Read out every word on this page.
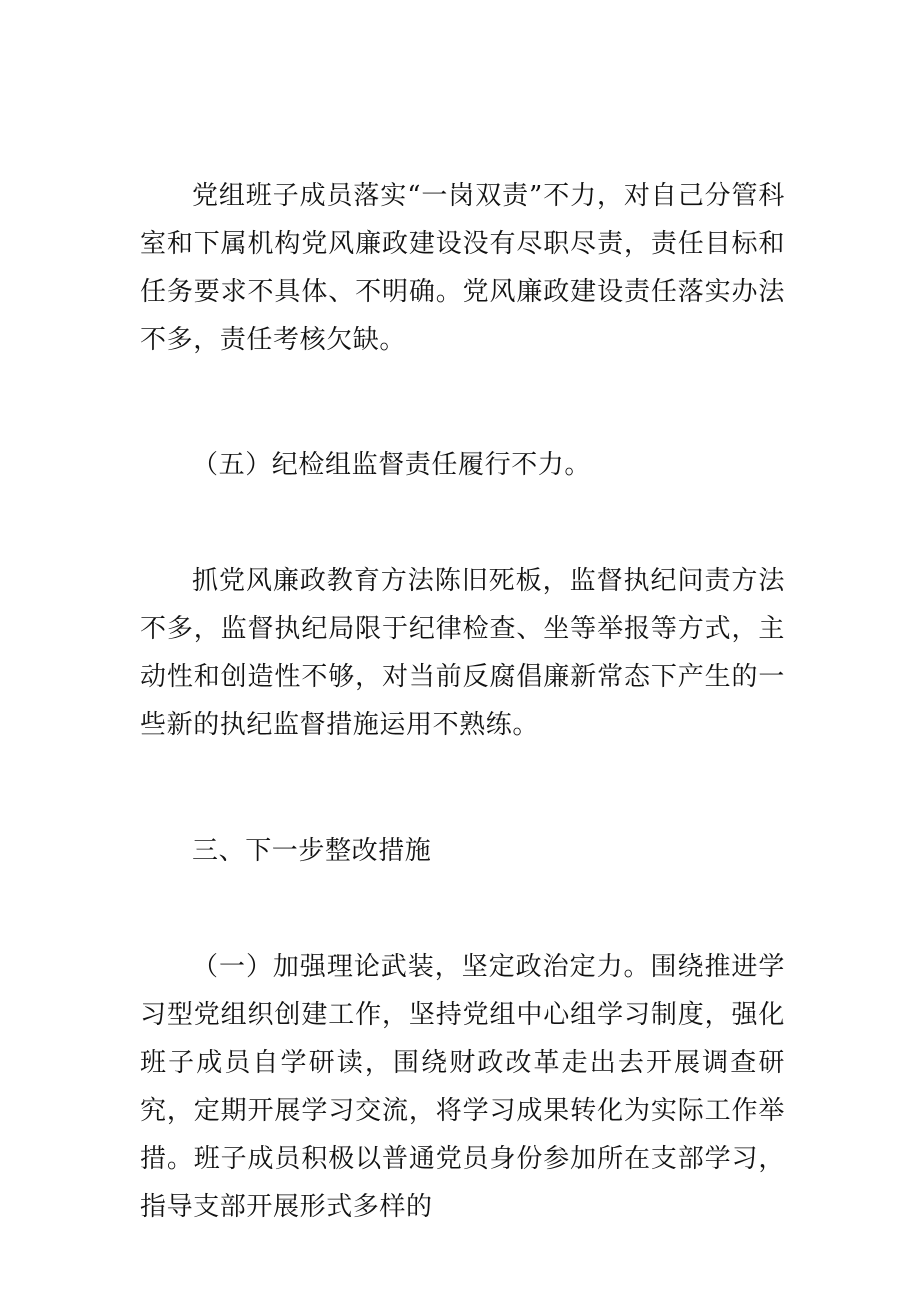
党组班子成员落实“一岗双责”不力，对自己分管科室和下属机构党风廉政建设没有尽职尽责，责任目标和任务要求不具体、不明确。党风廉政建设责任落实办法不多，责任考核欠缺。

（五）纪检组监督责任履行不力。

抓党风廉政教育方法陈旧死板，监督执纪问责方法不多，监督执纪局限于纪律检查、坐等举报等方式，主动性和创造性不够，对当前反腐倡廉新常态下产生的一些新的执纪监督措施运用不熟练。

三、下一步整改措施

（一）加强理论武装，坚定政治定力。围绕推进学习型党组织创建工作，坚持党组中心组学习制度，强化班子成员自学研读，围绕财政改革走出去开展调查研究，定期开展学习交流，将学习成果转化为实际工作举措。班子成员积极以普通党员身份参加所在支部学习，指导支部开展形式多样的
